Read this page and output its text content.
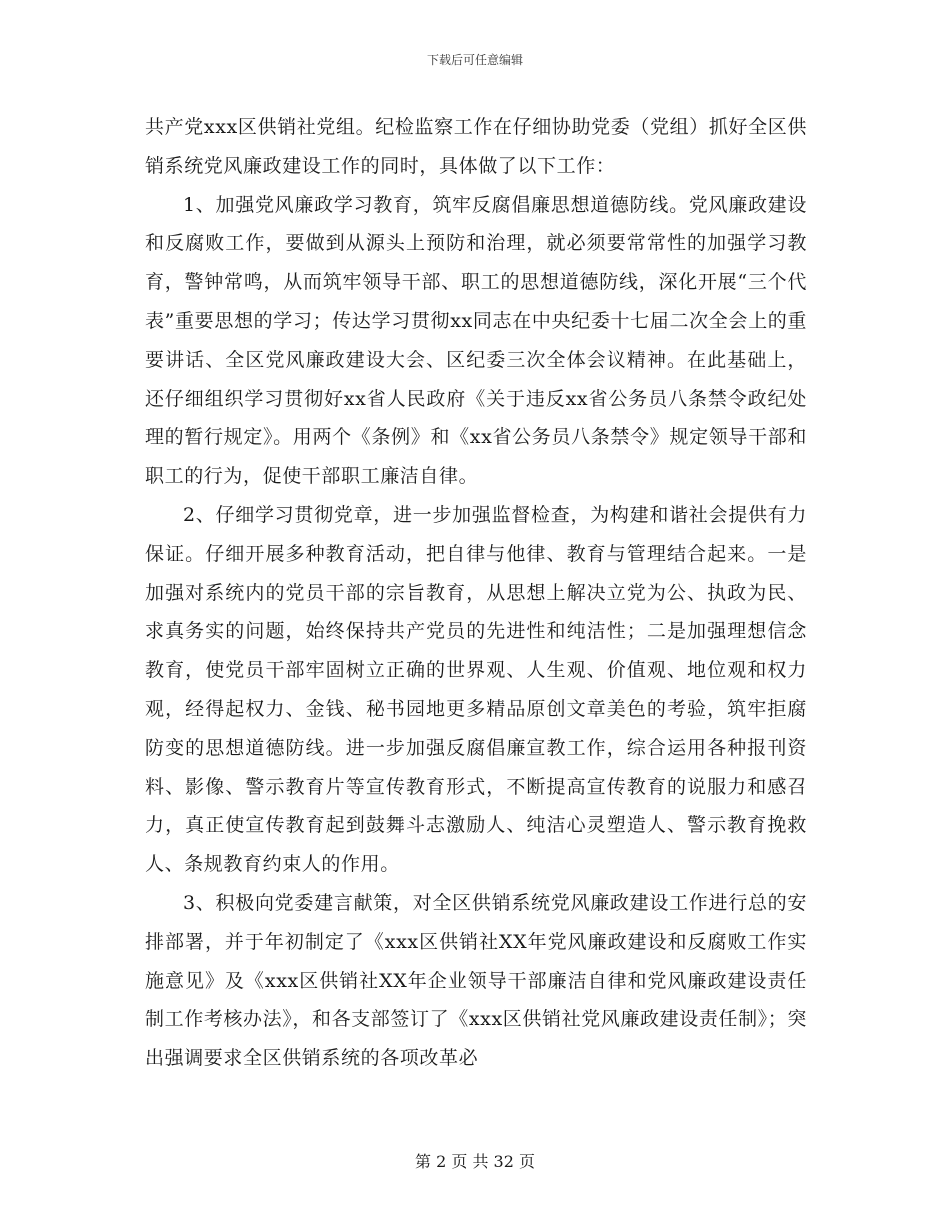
下载后可任意编辑

共产党xxx区供销社党组。纪检监察工作在仔细协助党委（党组）抓好全区供销系统党风廉政建设工作的同时，具体做了以下工作：

1、加强党风廉政学习教育，筑牢反腐倡廉思想道德防线。党风廉政建设和反腐败工作，要做到从源头上预防和治理，就必须要常常性的加强学习教育，警钟常鸣，从而筑牢领导干部、职工的思想道德防线，深化开展“三个代表”重要思想的学习；传达学习贯彻xx同志在中央纪委十七届二次全会上的重要讲话、全区党风廉政建设大会、区纪委三次全体会议精神。在此基础上，还仔细组织学习贯彻好xx省人民政府《关于违反xx省公务员八条禁令政纪处理的暂行规定》。用两个《条例》和《xx省公务员八条禁令》规定领导干部和职工的行为，促使干部职工廉洁自律。

2、仔细学习贯彻党章，进一步加强监督检查，为构建和谐社会提供有力保证。仔细开展多种教育活动，把自律与他律、教育与管理结合起来。一是加强对系统内的党员干部的宗旨教育，从思想上解决立党为公、执政为民、求真务实的问题，始终保持共产党员的先进性和纯洁性；二是加强理想信念教育，使党员干部牢固树立正确的世界观、人生观、价值观、地位观和权力观，经得起权力、金钱、秘书园地更多精品原创文章美色的考验，筑牢拒腐防变的思想道德防线。进一步加强反腐倡廉宣教工作，综合运用各种报刊资料、影像、警示教育片等宣传教育形式，不断提高宣传教育的说服力和感召力，真正使宣传教育起到鼓舞斗志激励人、纯洁心灵塑造人、警示教育挽救人、条规教育约束人的作用。

3、积极向党委建言献策，对全区供销系统党风廉政建设工作进行总的安排部署，并于年初制定了《xxx区供销社XX年党风廉政建设和反腐败工作实施意见》及《xxx区供销社XX年企业领导干部廉洁自律和党风廉政建设责任制工作考核办法》，和各支部签订了《xxx区供销社党风廉政建设责任制》；突出强调要求全区供销系统的各项改革必

第 2 页 共 32 页
